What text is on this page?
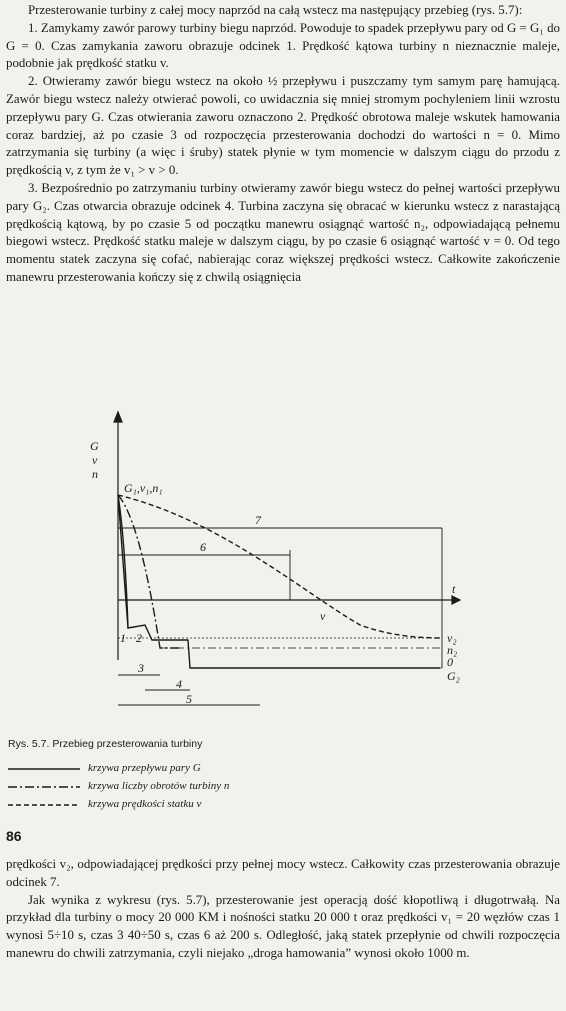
Przesterowanie turbiny z całej mocy naprzód na całą wstecz ma następujący przebieg (rys. 5.7):

1. Zamykamy zawór parowy turbiny biegu naprzód. Powoduje to spadek przepływu pary od G = G₁ do G = 0. Czas zamykania zaworu obrazuje odcinek 1. Prędkość kątowa turbiny n nieznacznie maleje, podobnie jak prędkość statku v.

2. Otwieramy zawór biegu wstecz na około ½ przepływu i puszczamy tym samym parę hamującą. Zawór biegu wstecz należy otwierać powoli, co uwidacznia się mniej stromym pochyleniem linii wzrostu przepływu pary G. Czas otwierania zaworu oznaczono 2. Prędkość obrotowa maleje wskutek hamowania coraz bardziej, aż po czasie 3 od rozpoczęcia przesterowania dochodzi do wartości n = 0. Mimo zatrzymania się turbiny (a więc i śruby) statek płynie w tym momencie w dalszym ciągu do przodu z prędkością v, z tym że v₁ > v > 0.

3. Bezpośrednio po zatrzymaniu turbiny otwieramy zawór biegu wstecz do pełnej wartości przepływu pary G₂. Czas otwarcia obrazuje odcinek 4. Turbina zaczyna się obracać w kierunku wstecz z narastającą prędkością kątową, by po czasie 5 od początku manewru osiągnąć wartość n₂, odpowiadającą pełnemu biegowi wstecz. Prędkość statku maleje w dalszym ciągu, by po czasie 6 osiągnąć wartość v = 0. Od tego momentu statek zaczyna się cofać, nabierając coraz większej prędkości wstecz. Całkowite zakończenie manewru przesterowania kończy się z chwilą osiągnięcia

G
v
n
G₁,v₁,n₁
t
v
v₂
n₂
0
G₂
1 2
3
4
5
6
7
Rys. 5.7. Przebieg przesterowania turbiny
krzywa przepływu pary G
krzywa liczby obrotów turbiny n
krzywa prędkości statku v
86

prędkości v₂, odpowiadającej prędkości przy pełnej mocy wstecz. Całkowity czas przesterowania obrazuje odcinek 7.

Jak wynika z wykresu (rys. 5.7), przesterowanie jest operacją dość kłopotliwą i długotrwałą. Na przykład dla turbiny o mocy 20 000 KM i nośności statku 20 000 t oraz prędkości v₁ = 20 węzłów czas 1 wynosi 5÷10 s, czas 3 40÷50 s, czas 6 aż 200 s. Odległość, jaką statek przepłynie od chwili rozpoczęcia manewru do chwili zatrzymania, czyli niejako „droga hamowania” wynosi około 1000 m.
